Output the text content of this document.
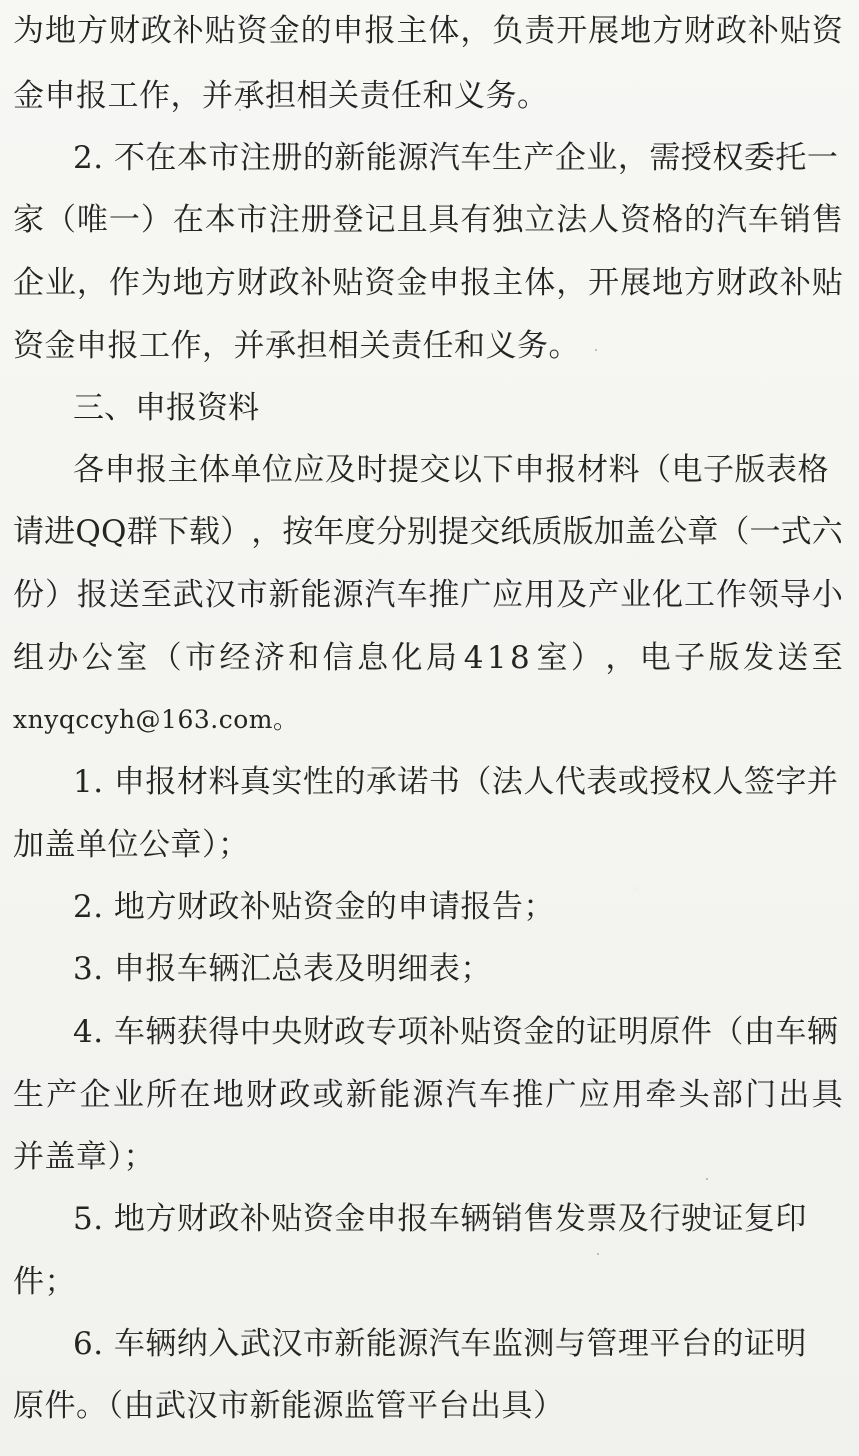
为 地 方 财 政 补 贴 资 金 的 申 报 主 体 ， 负 责 开 展 地 方 财 政 补 贴 资
金申报工作，并承担相关责任和义务。
2. 不在本市注册的新能源汽车生产企业，需授权委托一
家 （ 唯 一 ） 在 本 市 注 册 登 记 且 具 有 独 立 法 人 资 格 的 汽 车 销 售
企 业 ， 作 为 地 方 财 政 补 贴 资 金 申 报 主 体 ， 开 展 地 方 财 政 补 贴
资金申报工作，并承担相关责任和义务。
三、申报资料
各申报主体单位应及时提交以下申报材料（电子版表格
请 进 Q Q 群 下 载 ） ， 按 年 度 分 别 提 交 纸 质 版 加 盖 公 章 （ 一 式 六
份 ） 报 送 至 武 汉 市 新 能 源 汽 车 推 广 应 用 及 产 业 化 工 作 领 导 小
组 办 公 室 （ 市 经 济 和 信 息 化 局 4 1 8 室 ） ， 电 子 版 发 送 至
xnyqccyh@163.com。
1. 申报材料真实性的承诺书（法人代表或授权人签字并
加盖单位公章）；
2. 地方财政补贴资金的申请报告；
3. 申报车辆汇总表及明细表；
4. 车辆获得中央财政专项补贴资金的证明原件（由车辆
生 产 企 业 所 在 地 财 政 或 新 能 源 汽 车 推 广 应 用 牵 头 部 门 出 具
并盖章）；
5. 地方财政补贴资金申报车辆销售发票及行驶证复印
件；
6. 车辆纳入武汉市新能源汽车监测与管理平台的证明
原件。（由武汉市新能源监管平台出具）
